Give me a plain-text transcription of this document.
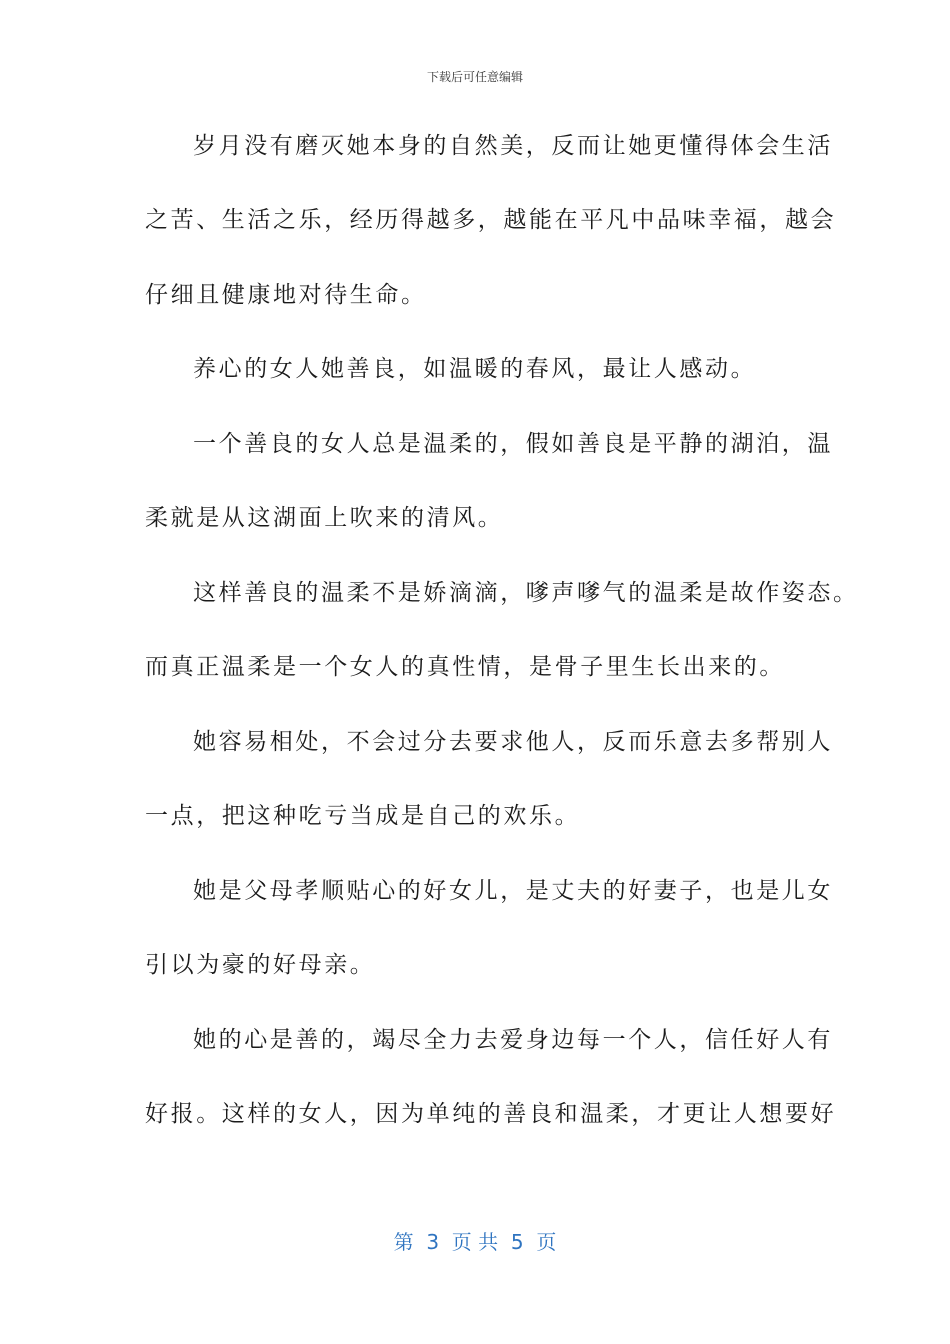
下载后可任意编辑
岁月没有磨灭她本身的自然美，反而让她更懂得体会生活
之苦、生活之乐，经历得越多，越能在平凡中品味幸福，越会
仔细且健康地对待生命。
养心的女人她善良，如温暖的春风，最让人感动。
一个善良的女人总是温柔的，假如善良是平静的湖泊，温
柔就是从这湖面上吹来的清风。
这样善良的温柔不是娇滴滴，嗲声嗲气的温柔是故作姿态。
而真正温柔是一个女人的真性情，是骨子里生长出来的。
她容易相处，不会过分去要求他人，反而乐意去多帮别人
一点，把这种吃亏当成是自己的欢乐。
她是父母孝顺贴心的好女儿，是丈夫的好妻子，也是儿女
引以为豪的好母亲。
她的心是善的，竭尽全力去爱身边每一个人，信任好人有
好报。这样的女人，因为单纯的善良和温柔，才更让人想要好
第  3  页 共  5  页
